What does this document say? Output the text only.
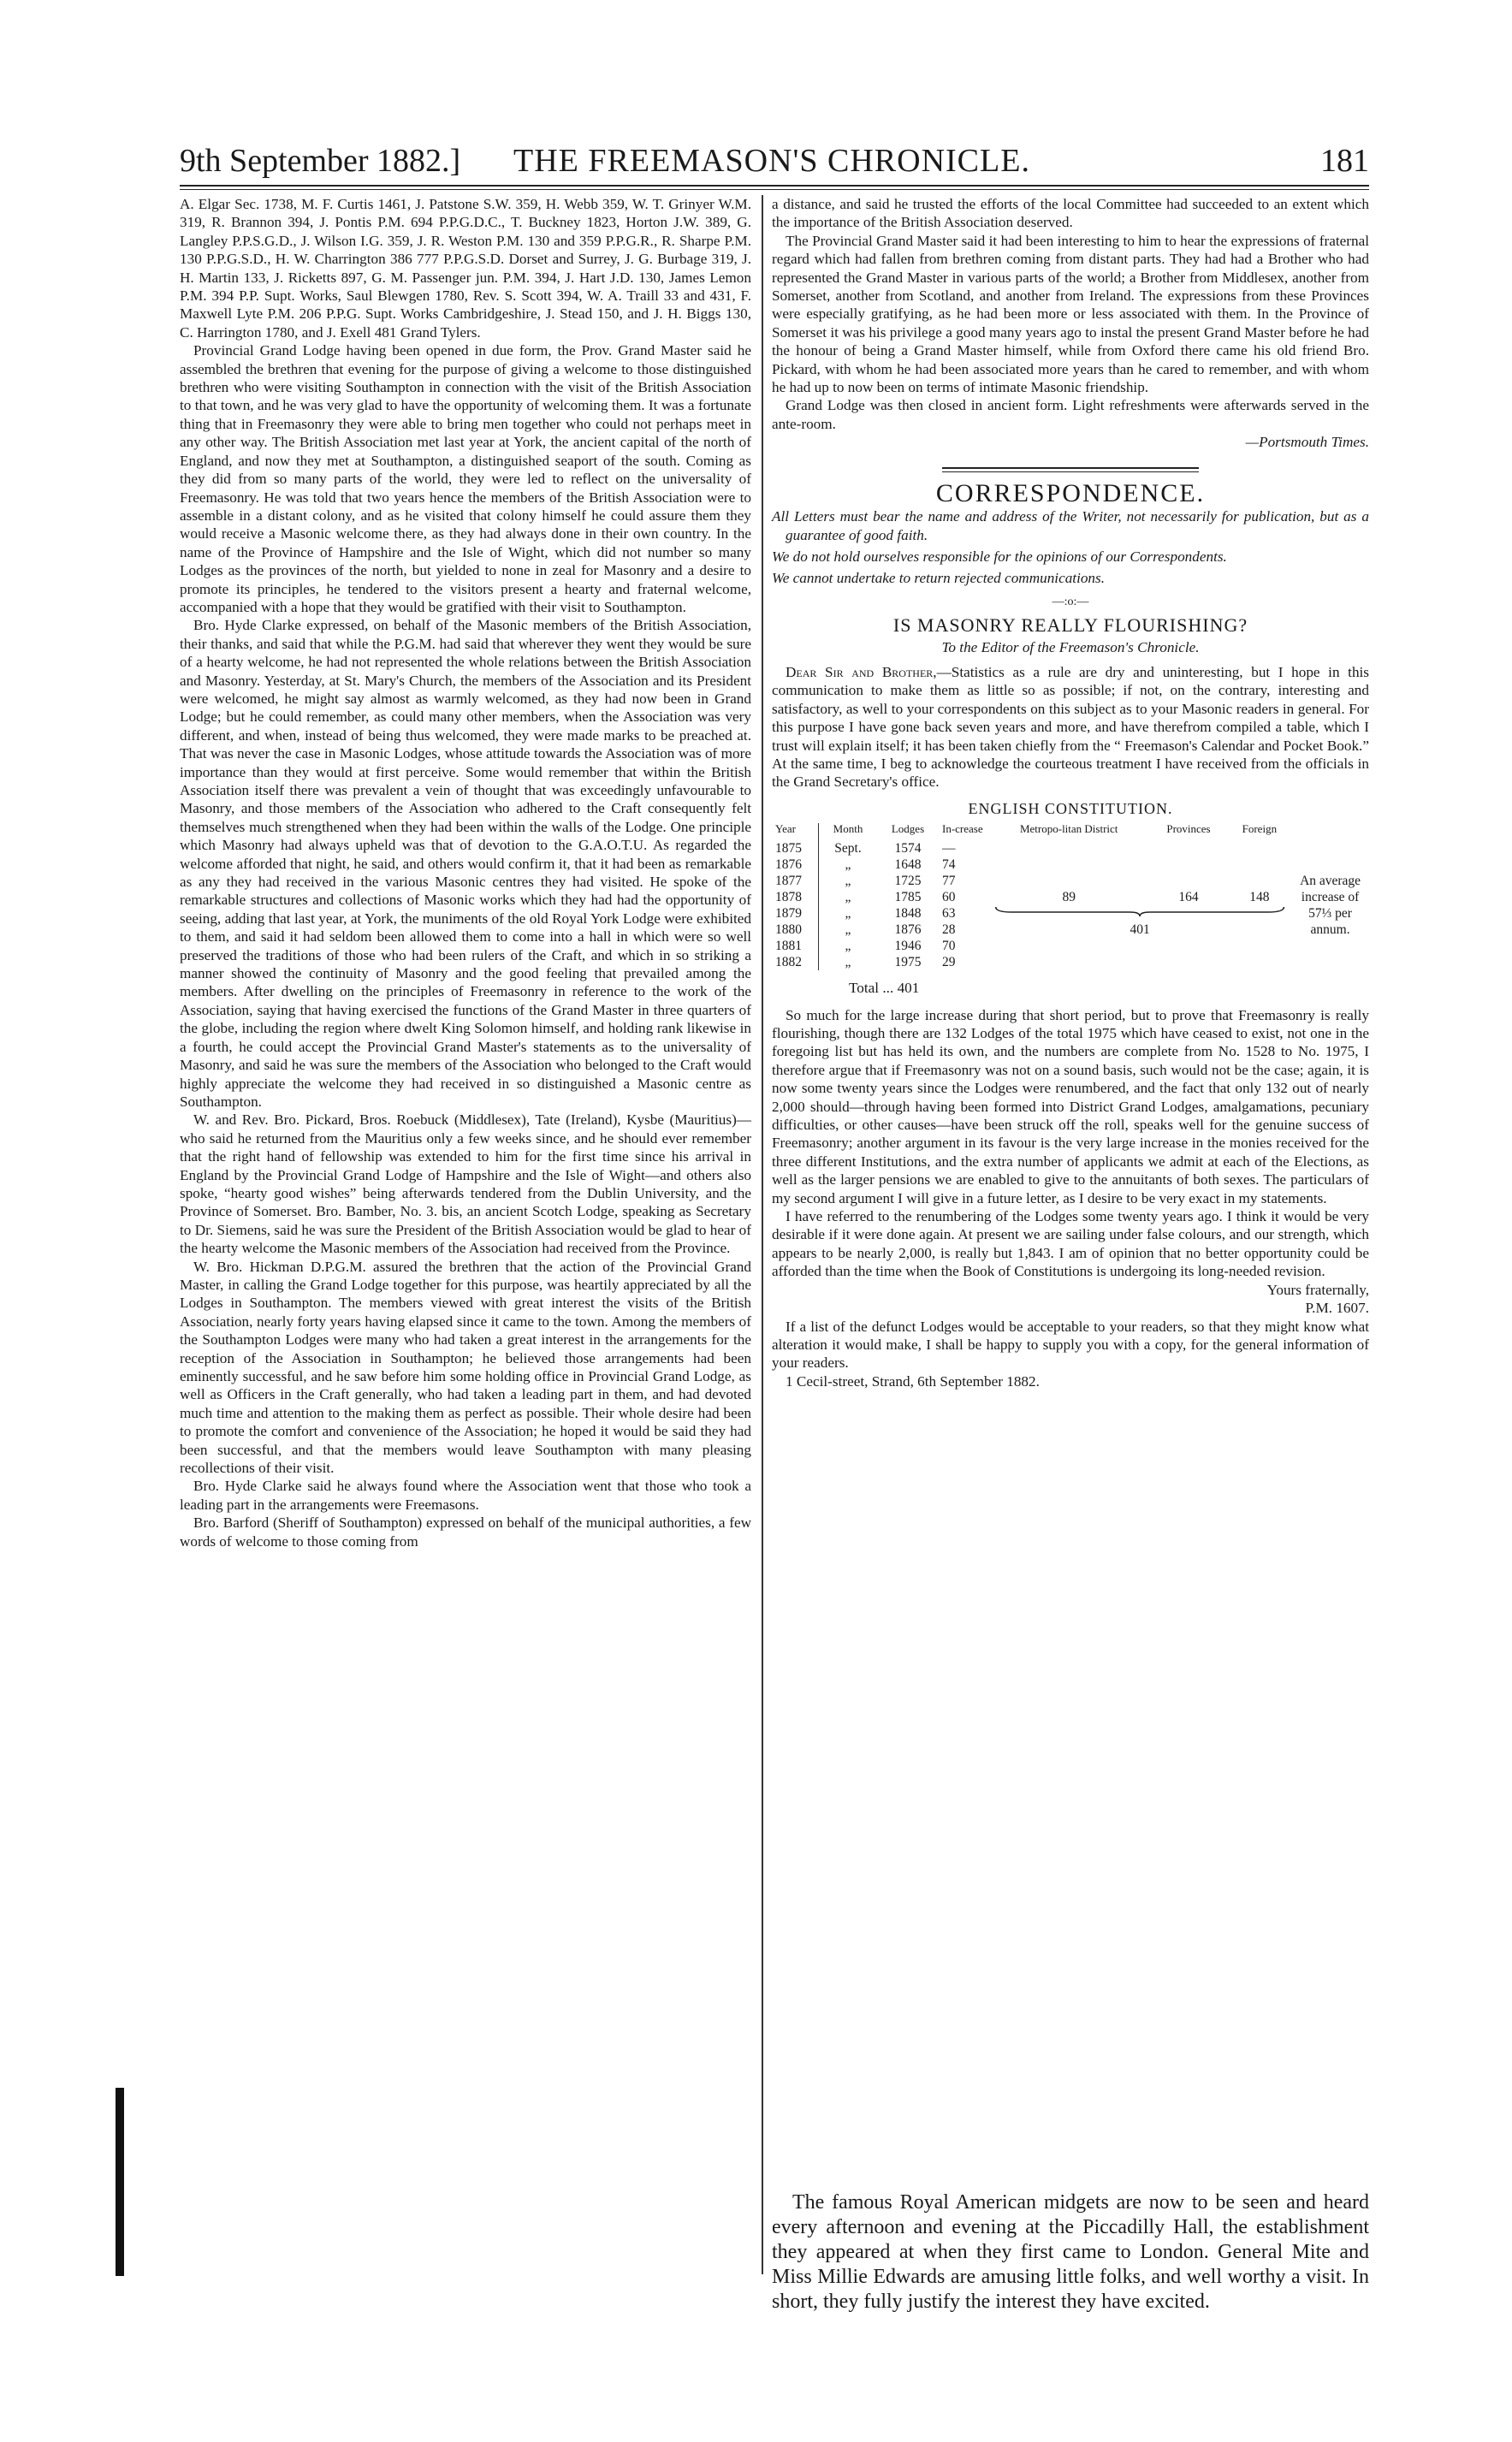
9th September 1882.] THE FREEMASON'S CHRONICLE.	181

A. Elgar Sec. 1738, M. F. Curtis 1461, J. Patstone S.W. 359, H. Webb 359, W. T. Grinyer W.M. 319, R. Brannon 394, J. Pontis P.M. 694 P.P.G.D.C., T. Buckney 1823, Horton J.W. 389, G. Langley P.P.S.G.D., J. Wilson I.G. 359, J. R. Weston P.M. 130 and 359 P.P.G.R., R. Sharpe P.M. 130 P.P.G.S.D., H. W. Charrington 386 777 P.P.G.S.D. Dorset and Surrey, J. G. Burbage 319, J. H. Martin 133, J. Ricketts 897, G. M. Passenger jun. P.M. 394, J. Hart J.D. 130, James Lemon P.M. 394 P.P. Supt. Works, Saul Blewgen 1780, Rev. S. Scott 394, W. A. Traill 33 and 431, F. Maxwell Lyte P.M. 206 P.P.G. Supt. Works Cambridgeshire, J. Stead 150, and J. H. Biggs 130, C. Harrington 1780, and J. Exell 481 Grand Tylers.

Provincial Grand Lodge having been opened in due form, the Prov. Grand Master said he assembled the brethren that evening for the purpose of giving a welcome to those distinguished brethren who were visiting Southampton in connection with the visit of the British Association to that town, and he was very glad to have the opportunity of welcoming them. It was a fortunate thing that in Freemasonry they were able to bring men together who could not perhaps meet in any other way. The British Association met last year at York, the ancient capital of the north of England, and now they met at Southampton, a distinguished seaport of the south. Coming as they did from so many parts of the world, they were led to reflect on the universality of Freemasonry. He was told that two years hence the members of the British Association were to assemble in a distant colony, and as he visited that colony himself he could assure them they would receive a Masonic welcome there, as they had always done in their own country. In the name of the Province of Hampshire and the Isle of Wight, which did not number so many Lodges as the provinces of the north, but yielded to none in zeal for Masonry and a desire to promote its principles, he tendered to the visitors present a hearty and fraternal welcome, accompanied with a hope that they would be gratified with their visit to Southampton.

Bro. Hyde Clarke expressed, on behalf of the Masonic members of the British Association, their thanks, and said that while the P.G.M. had said that wherever they went they would be sure of a hearty welcome, he had not represented the whole relations between the British Association and Masonry. Yesterday, at St. Mary's Church, the members of the Association and its President were welcomed, he might say almost as warmly welcomed, as they had now been in Grand Lodge; but he could remember, as could many other members, when the Association was very different, and when, instead of being thus welcomed, they were made marks to be preached at. That was never the case in Masonic Lodges, whose attitude towards the Association was of more importance than they would at first perceive. Some would remember that within the British Association itself there was prevalent a vein of thought that was exceedingly unfavourable to Masonry, and those members of the Association who adhered to the Craft consequently felt themselves much strengthened when they had been within the walls of the Lodge. One principle which Masonry had always upheld was that of devotion to the G.A.O.T.U. As regarded the welcome afforded that night, he said, and others would confirm it, that it had been as remarkable as any they had received in the various Masonic centres they had visited. He spoke of the remarkable structures and collections of Masonic works which they had had the opportunity of seeing, adding that last year, at York, the muniments of the old Royal York Lodge were exhibited to them, and said it had seldom been allowed them to come into a hall in which were so well preserved the traditions of those who had been rulers of the Craft, and which in so striking a manner showed the continuity of Masonry and the good feeling that prevailed among the members. After dwelling on the principles of Freemasonry in reference to the work of the Association, saying that having exercised the functions of the Grand Master in three quarters of the globe, including the region where dwelt King Solomon himself, and holding rank likewise in a fourth, he could accept the Provincial Grand Master's statements as to the universality of Masonry, and said he was sure the members of the Association who belonged to the Craft would highly appreciate the welcome they had received in so distinguished a Masonic centre as Southampton.

W. and Rev. Bro. Pickard, Bros. Roebuck (Middlesex), Tate (Ireland), Kysbe (Mauritius)—who said he returned from the Mauritius only a few weeks since, and he should ever remember that the right hand of fellowship was extended to him for the first time since his arrival in England by the Provincial Grand Lodge of Hampshire and the Isle of Wight—and others also spoke, “hearty good wishes” being afterwards tendered from the Dublin University, and the Province of Somerset. Bro. Bamber, No. 3. bis, an ancient Scotch Lodge, speaking as Secretary to Dr. Siemens, said he was sure the President of the British Association would be glad to hear of the hearty welcome the Masonic members of the Association had received from the Province.

W. Bro. Hickman D.P.G.M. assured the brethren that the action of the Provincial Grand Master, in calling the Grand Lodge together for this purpose, was heartily appreciated by all the Lodges in Southampton. The members viewed with great interest the visits of the British Association, nearly forty years having elapsed since it came to the town. Among the members of the Southampton Lodges were many who had taken a great interest in the arrangements for the reception of the Association in Southampton; he believed those arrangements had been eminently successful, and he saw before him some holding office in Provincial Grand Lodge, as well as Officers in the Craft generally, who had taken a leading part in them, and had devoted much time and attention to the making them as perfect as possible. Their whole desire had been to promote the comfort and convenience of the Association; he hoped it would be said they had been successful, and that the members would leave Southampton with many pleasing recollections of their visit.

Bro. Hyde Clarke said he always found where the Association went that those who took a leading part in the arrangements were Freemasons.

Bro. Barford (Sheriff of Southampton) expressed on behalf of the municipal authorities, a few words of welcome to those coming from

a distance, and said he trusted the efforts of the local Committee had succeeded to an extent which the importance of the British Association deserved.

The Provincial Grand Master said it had been interesting to him to hear the expressions of fraternal regard which had fallen from brethren coming from distant parts. They had had a Brother who had represented the Grand Master in various parts of the world; a Brother from Middlesex, another from Somerset, another from Scotland, and another from Ireland. The expressions from these Provinces were especially gratifying, as he had been more or less associated with them. In the Province of Somerset it was his privilege a good many years ago to instal the present Grand Master before he had the honour of being a Grand Master himself, while from Oxford there came his old friend Bro. Pickard, with whom he had been associated more years than he cared to remember, and with whom he had up to now been on terms of intimate Masonic friendship.

Grand Lodge was then closed in ancient form. Light refreshments were afterwards served in the ante-room.

—Portsmouth Times.

CORRESPONDENCE.

All Letters must bear the name and address of the Writer, not necessarily for publication, but as a guarantee of good faith.

We do not hold ourselves responsible for the opinions of our Correspondents.

We cannot undertake to return rejected communications.

—:o:—
IS MASONRY REALLY FLOURISHING?
To the Editor of the Freemason's Chronicle.

Dear Sir and Brother,—Statistics as a rule are dry and uninteresting, but I hope in this communication to make them as little so as possible; if not, on the contrary, interesting and satisfactory, as well to your correspondents on this subject as to your Masonic readers in general. For this purpose I have gone back seven years and more, and have therefrom compiled a table, which I trust will explain itself; it has been taken chiefly from the “ Freemason's Calendar and Pocket Book.” At the same time, I beg to acknowledge the courteous treatment I have received from the officials in the Grand Secretary's office.

ENGLISH CONSTITUTION.
Year	Month	Lodges	In-crease	Metropo-litan District	Provinces	Foreign	
1875	Sept.	1574	—				
1876	„	1648	74				
1877	„	1725	77				An average
1878	„	1785	60	89	164	148	increase of
1879	„	1848	63				57⅓ per
1880	„	1876	28	401			annum.
1881	„	1946	70				
1882	„	1975	29				
Total ... 401

So much for the large increase during that short period, but to prove that Freemasonry is really flourishing, though there are 132 Lodges of the total 1975 which have ceased to exist, not one in the foregoing list but has held its own, and the numbers are complete from No. 1528 to No. 1975, I therefore argue that if Freemasonry was not on a sound basis, such would not be the case; again, it is now some twenty years since the Lodges were renumbered, and the fact that only 132 out of nearly 2,000 should—through having been formed into District Grand Lodges, amalgamations, pecuniary difficulties, or other causes—have been struck off the roll, speaks well for the genuine success of Freemasonry; another argument in its favour is the very large increase in the monies received for the three different Institutions, and the extra number of applicants we admit at each of the Elections, as well as the larger pensions we are enabled to give to the annuitants of both sexes. The particulars of my second argument I will give in a future letter, as I desire to be very exact in my statements.

I have referred to the renumbering of the Lodges some twenty years ago. I think it would be very desirable if it were done again. At present we are sailing under false colours, and our strength, which appears to be nearly 2,000, is really but 1,843. I am of opinion that no better opportunity could be afforded than the time when the Book of Constitutions is undergoing its long-needed revision.

Yours fraternally,

P.M. 1607.

If a list of the defunct Lodges would be acceptable to your readers, so that they might know what alteration it would make, I shall be happy to supply you with a copy, for the general information of your readers.

1 Cecil-street, Strand, 6th September 1882.

The famous Royal American midgets are now to be seen and heard every afternoon and evening at the Piccadilly Hall, the establishment they appeared at when they first came to London. General Mite and Miss Millie Edwards are amusing little folks, and well worthy a visit. In short, they fully justify the interest they have excited.
